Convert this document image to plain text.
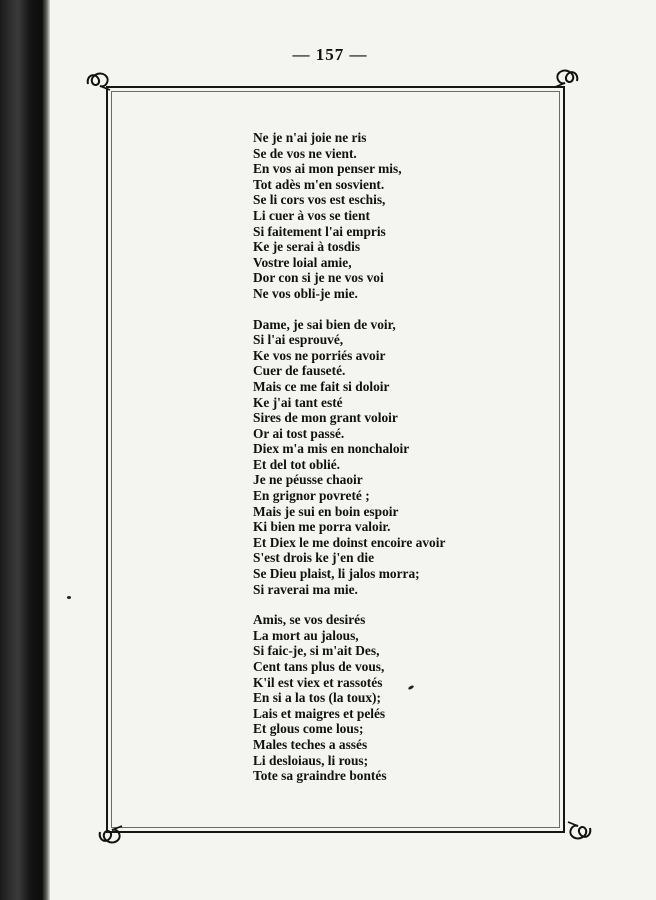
— 157 —
Ne je n'ai joie ne ris
Se de vos ne vient.
En vos ai mon penser mis,
Tot adès m'en sosvient.
Se li cors vos est eschis,
Li cuer à vos se tient
Si faitement l'ai empris
Ke je serai à tosdis
Vostre loial amie,
Dor con si je ne vos voi
Ne vos obli-je mie.
Dame, je sai bien de voir,
Si l'ai esprouvé,
Ke vos ne porriés avoir
Cuer de fauseté.
Mais ce me fait si doloir
Ke j'ai tant esté
Sires de mon grant voloir
Or ai tost passé.
Diex m'a mis en nonchaloir
Et del tot oblié.
Je ne péusse chaoir
En grignor povreté ;
Mais je sui en boin espoir
Ki bien me porra valoir.
Et Diex le me doinst encoire avoir
S'est drois ke j'en die
Se Dieu plaist, li jalos morra;
Si raverai ma mie.
Amis, se vos desirés
La mort au jalous,
Si faic-je, si m'ait Des,
Cent tans plus de vous,
K'il est viex et rassotés
En si a la tos (la toux);
Lais et maigres et pelés
Et glous come lous;
Males teches a assés
Li desloiaus, li rous;
Tote sa graindre bontés
